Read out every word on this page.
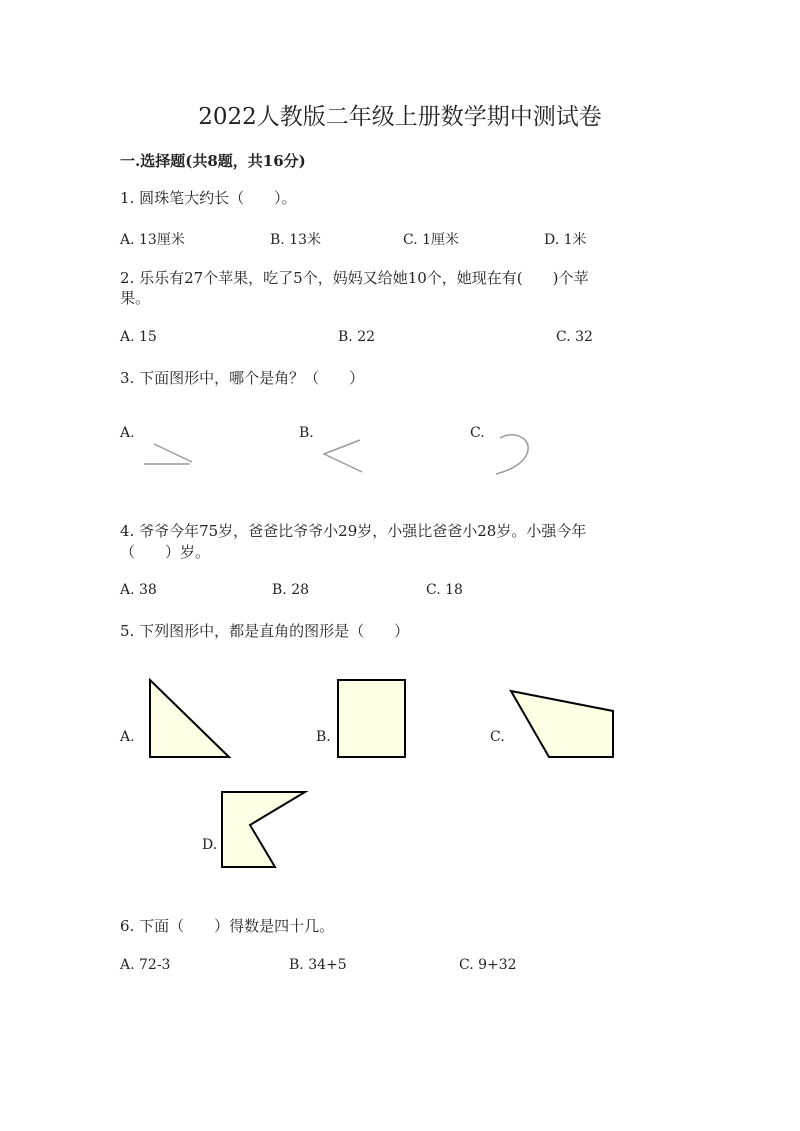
2022人教版二年级上册数学期中测试卷
一.选择题(共8题，共16分)
1. 圆珠笔大约长（　　）。
A. 13厘米	B. 13米	C. 1厘米	D. 1米
2. 乐乐有27个苹果，吃了5个，妈妈又给她10个，她现在有(　　)个苹
果。
A. 15	B. 22	C. 32
3. 下面图形中，哪个是角？（　　）
A.	B.	C.
4. 爷爷今年75岁，爸爸比爷爷小29岁，小强比爸爸小28岁。小强今年
（　　）岁。
A. 38	B. 28	C. 18
5. 下列图形中，都是直角的图形是（　　）
A.	B.	C.
D.
6. 下面（　　）得数是四十几。
A. 72-3	B. 34+5	C. 9+32
